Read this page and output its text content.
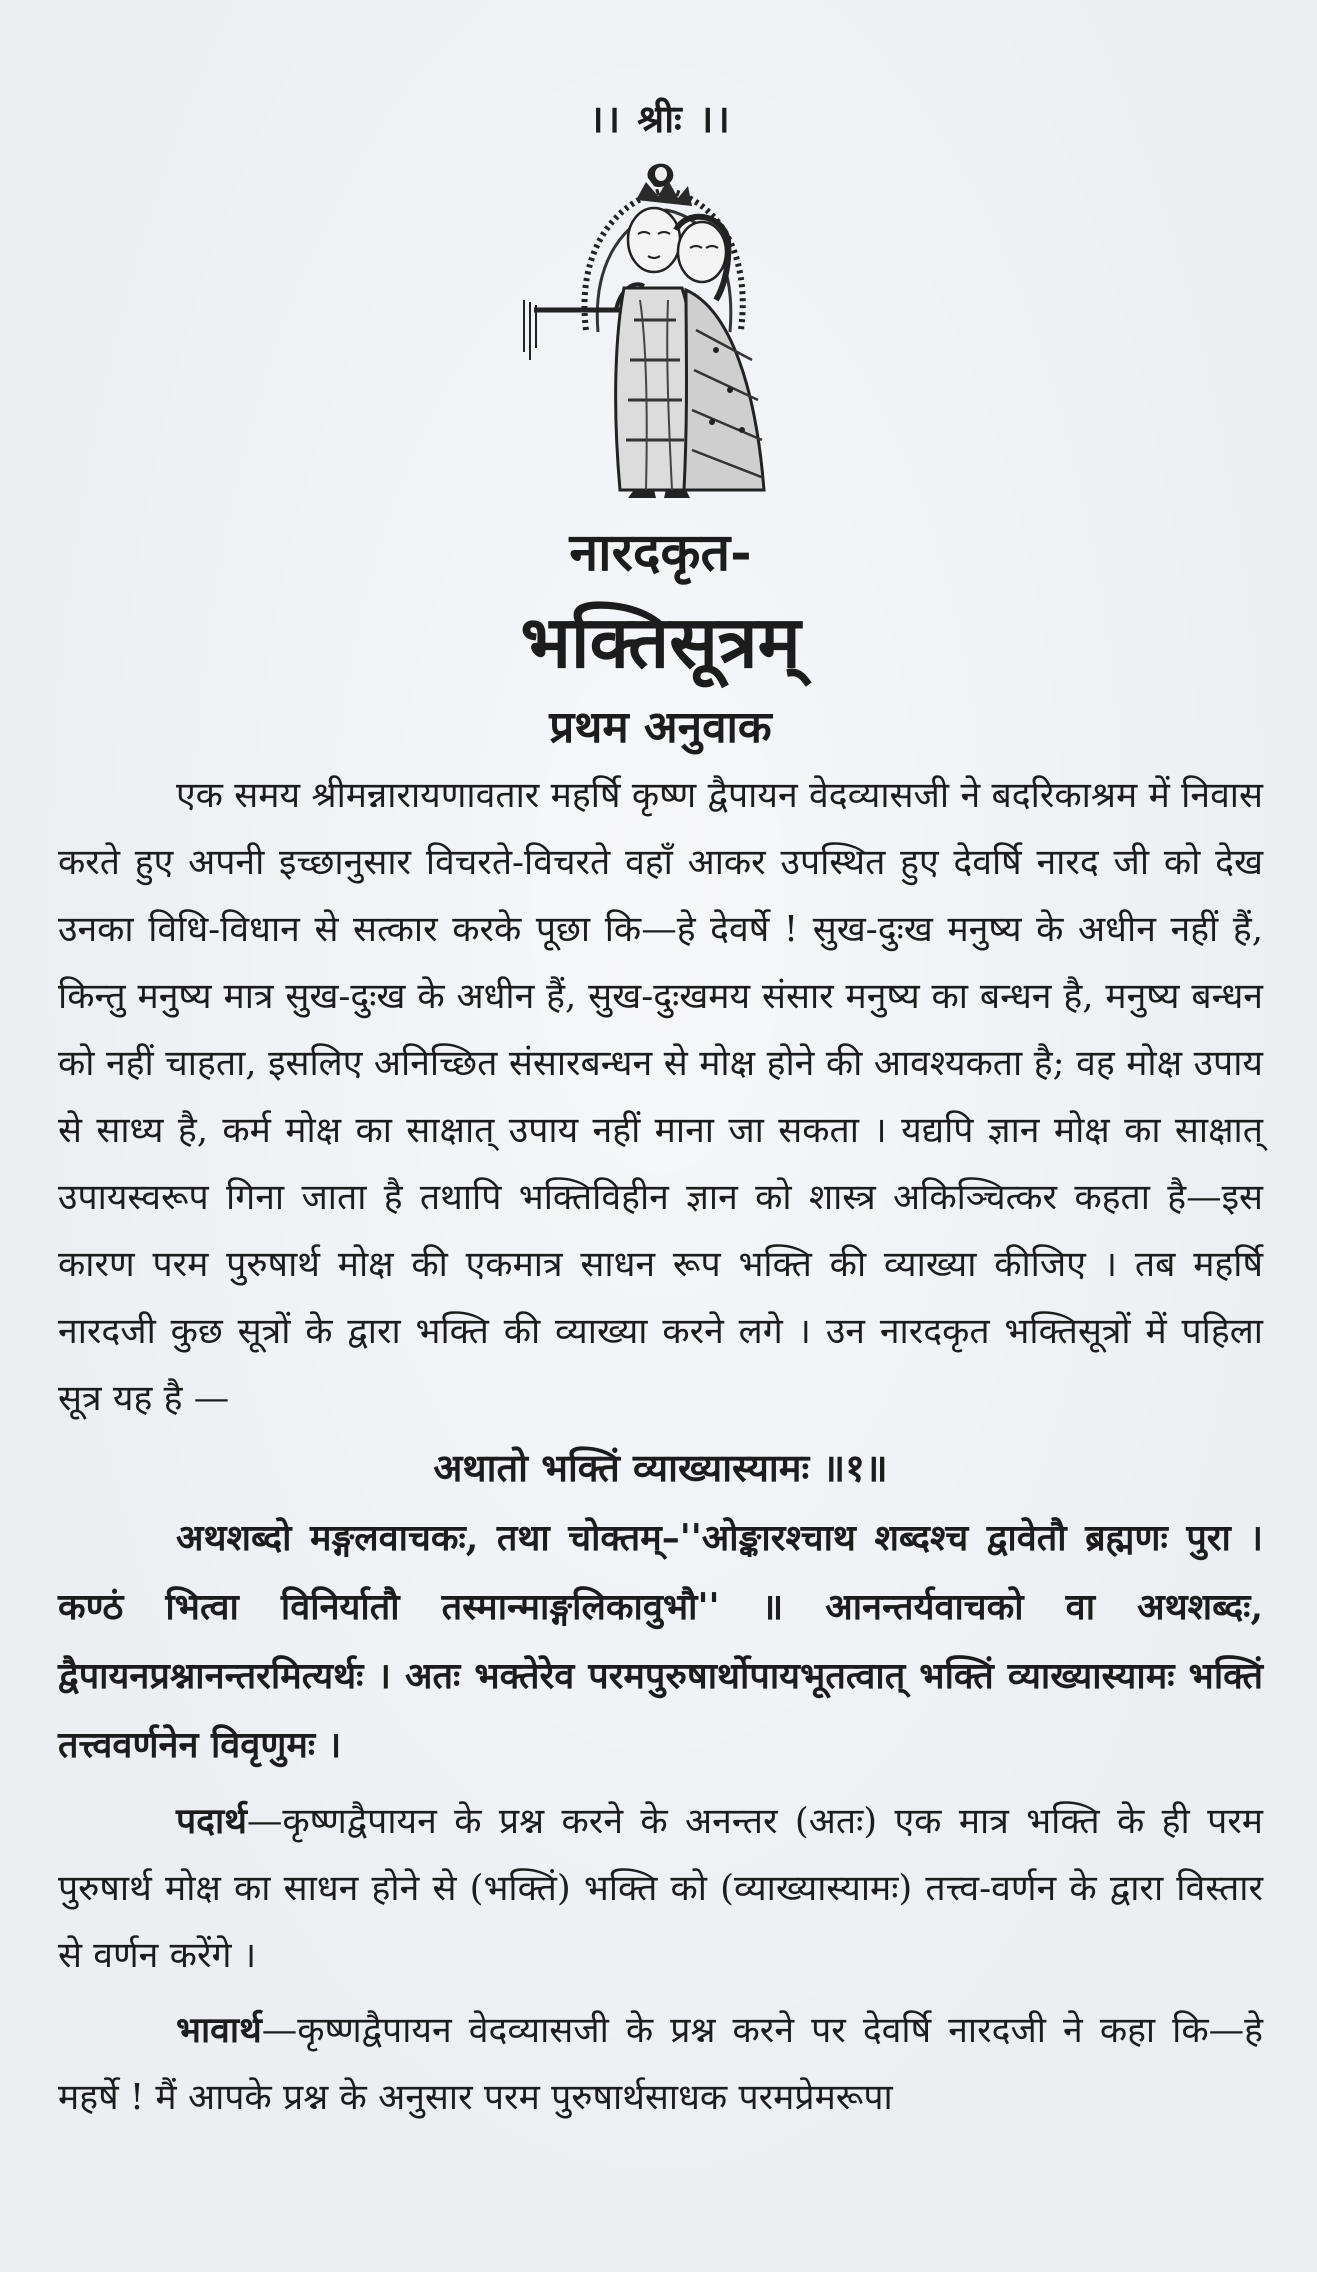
।। श्रीः ।।
नारदकृत-
भक्तिसूत्रम्
प्रथम अनुवाक

एक समय श्रीमन्नारायणावतार महर्षि कृष्ण द्वैपायन वेदव्यासजी ने बदरिकाश्रम में निवास करते हुए अपनी इच्छानुसार विचरते-विचरते वहाँ आकर उपस्थित हुए देवर्षि नारद जी को देख उनका विधि-विधान से सत्कार करके पूछा कि—हे देवर्षे ! सुख-दुःख मनुष्य के अधीन नहीं हैं, किन्तु मनुष्य मात्र सुख-दुःख के अधीन हैं, सुख-दुःखमय संसार मनुष्य का बन्धन है, मनुष्य बन्धन को नहीं चाहता, इसलिए अनिच्छित संसारबन्धन से मोक्ष होने की आवश्यकता है; वह मोक्ष उपाय से साध्य है, कर्म मोक्ष का साक्षात् उपाय नहीं माना जा सकता । यद्यपि ज्ञान मोक्ष का साक्षात् उपायस्वरूप गिना जाता है तथापि भक्तिविहीन ज्ञान को शास्त्र अकिञ्चित्कर कहता है—इस कारण परम पुरुषार्थ मोक्ष की एकमात्र साधन रूप भक्ति की व्याख्या कीजिए । तब महर्षि नारदजी कुछ सूत्रों के द्वारा भक्ति की व्याख्या करने लगे । उन नारदकृत भक्तिसूत्रों में पहिला सूत्र यह है —

अथातो भक्तिं व्याख्यास्यामः ॥१॥

अथशब्दो मङ्गलवाचकः, तथा चोक्तम्–''ओङ्कारश्चाथ शब्दश्च द्वावेतौ ब्रह्मणः पुरा । कण्ठं भित्वा विनिर्यातौ तस्मान्माङ्गलिकावुभौ'' ॥ आनन्तर्यवाचको वा अथशब्दः, द्वैपायनप्रश्नानन्तरमित्यर्थः । अतः भक्तेरेव परमपुरुषार्थोपायभूतत्वात् भक्तिं व्याख्यास्यामः भक्तिं तत्त्ववर्णनेन विवृणुमः ।

पदार्थ—कृष्णद्वैपायन के प्रश्न करने के अनन्तर (अतः) एक मात्र भक्ति के ही परम पुरुषार्थ मोक्ष का साधन होने से (भक्तिं) भक्ति को (व्याख्यास्यामः) तत्त्व-वर्णन के द्वारा विस्तार से वर्णन करेंगे ।

भावार्थ—कृष्णद्वैपायन वेदव्यासजी के प्रश्न करने पर देवर्षि नारदजी ने कहा कि—हे महर्षे ! मैं आपके प्रश्न के अनुसार परम पुरुषार्थसाधक परमप्रेमरूपा
